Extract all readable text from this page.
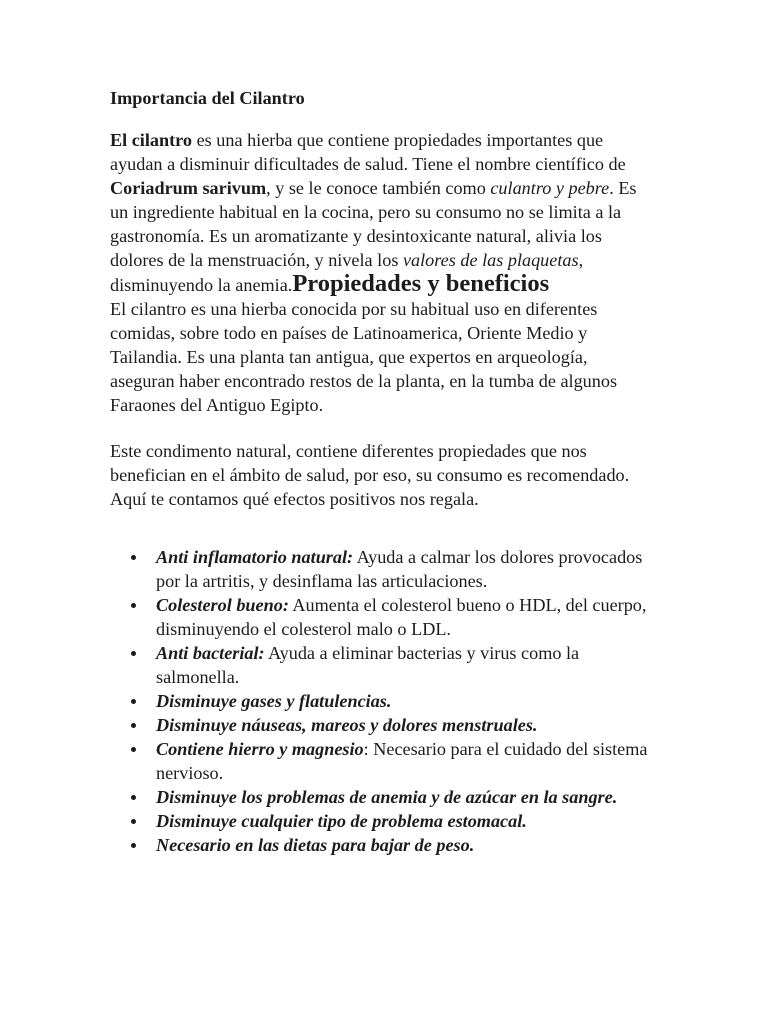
Importancia del Cilantro

El cilantro es una hierba que contiene propiedades importantes que ayudan a disminuir dificultades de salud. Tiene el nombre científico de Coriadrum sarivum, y se le conoce también como culantro y pebre. Es un ingrediente habitual en la cocina, pero su consumo no se limita a la gastronomía. Es un aromatizante y desintoxicante natural, alivia los dolores de la menstruación, y nivela los valores de las plaquetas, disminuyendo la anemia.Propiedades y beneficios

El cilantro es una hierba conocida por su habitual uso en diferentes comidas, sobre todo en países de Latinoamerica, Oriente Medio y Tailandia. Es una planta tan antigua, que expertos en arqueología, aseguran haber encontrado restos de la planta, en la tumba de algunos Faraones del Antiguo Egipto.

Este condimento natural, contiene diferentes propiedades que nos benefician en el ámbito de salud, por eso, su consumo es recomendado. Aquí te contamos qué efectos positivos nos regala.

Anti inflamatorio natural: Ayuda a calmar los dolores provocados por la artritis, y desinflama las articulaciones.
Colesterol bueno: Aumenta el colesterol bueno o HDL, del cuerpo, disminuyendo el colesterol malo o LDL.
Anti bacterial: Ayuda a eliminar bacterias y virus como la salmonella.
Disminuye gases y flatulencias.
Disminuye náuseas, mareos y dolores menstruales.
Contiene hierro y magnesio: Necesario para el cuidado del sistema nervioso.
Disminuye los problemas de anemia y de azúcar en la sangre.
Disminuye cualquier tipo de problema estomacal.
Necesario en las dietas para bajar de peso.
